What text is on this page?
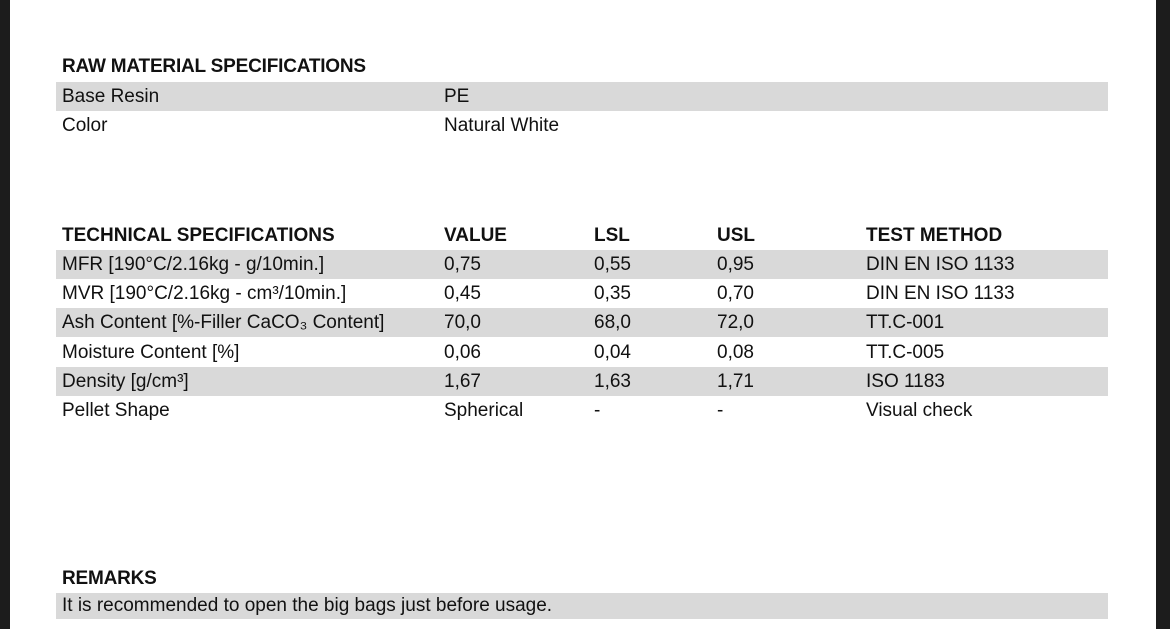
RAW MATERIAL SPECIFICATIONS
Base Resin	PE
Color	Natural White
TECHNICAL SPECIFICATIONS	VALUE	LSL	USL	TEST METHOD
MFR [190°C/2.16kg - g/10min.]	0,75	0,55	0,95	DIN EN ISO 1133
MVR [190°C/2.16kg - cm³/10min.]	0,45	0,35	0,70	DIN EN ISO 1133
Ash Content [%-Filler CaCO₃ Content]	70,0	68,0	72,0	TT.C-001
Moisture Content [%]	0,06	0,04	0,08	TT.C-005
Density [g/cm³]	1,67	1,63	1,71	ISO 1183
Pellet Shape	Spherical	-	-	Visual check
REMARKS
It is recommended to open the big bags just before usage.
